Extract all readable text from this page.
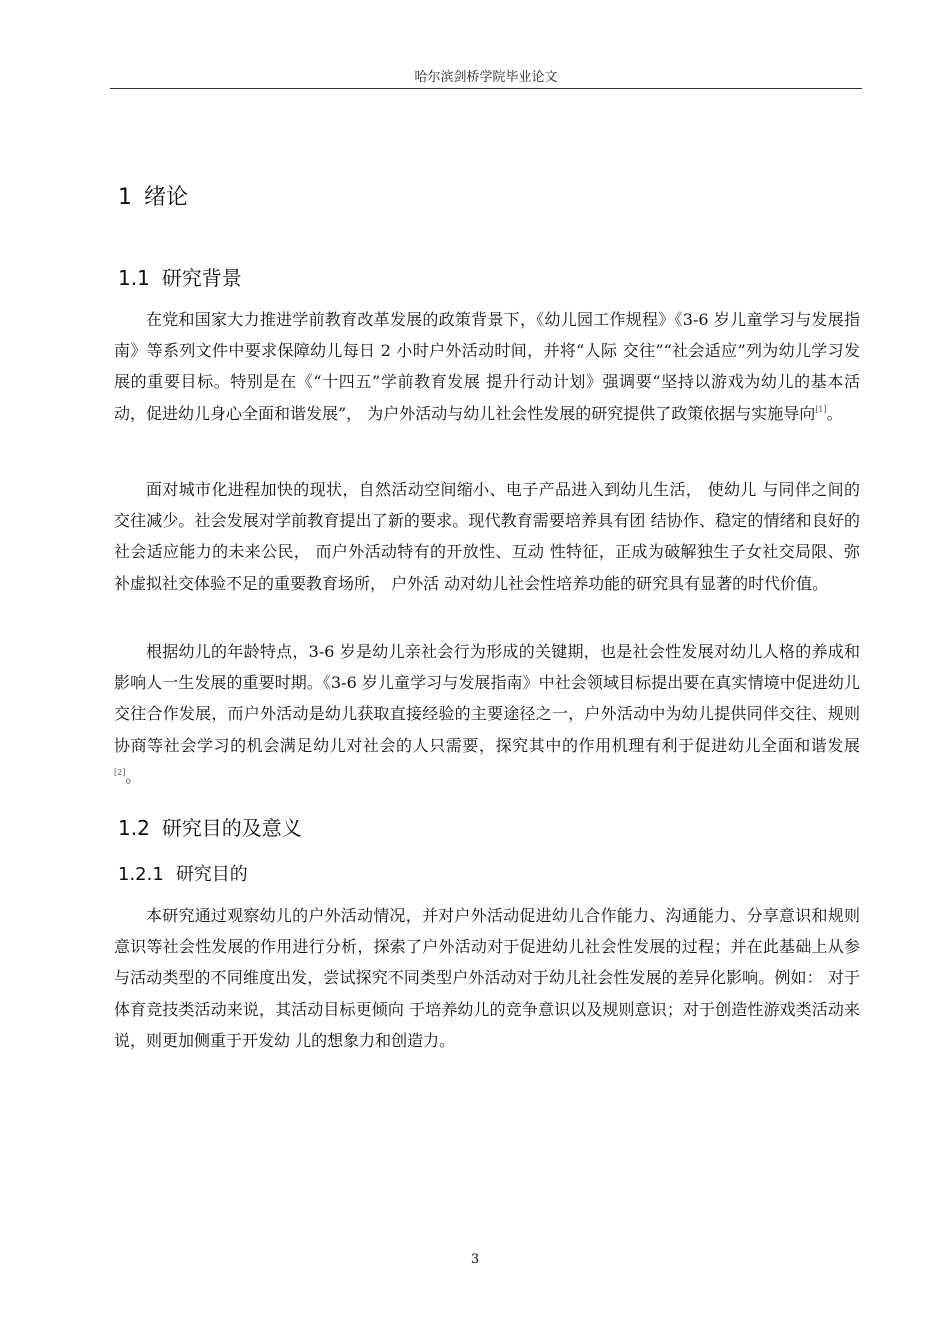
哈尔滨剑桥学院毕业论文
1 绪论
1.1 研究背景
在党和国家大力推进学前教育改革发展的政策背景下，《幼儿园工作规程》《3-6 岁儿童学习与发展指南》等系列文件中要求保障幼儿每日 2 小时户外活动时间，并将“人际 交往”“社会适应”列为幼儿学习发展的重要目标。特别是在《“十四五”学前教育发展 提升行动计划》强调要“坚持以游戏为幼儿的基本活动，促进幼儿身心全面和谐发展”， 为户外活动与幼儿社会性发展的研究提供了政策依据与实施导向[1]。
面对城市化进程加快的现状，自然活动空间缩小、电子产品进入到幼儿生活， 使幼儿 与同伴之间的交往减少。社会发展对学前教育提出了新的要求。现代教育需要培养具有团 结协作、稳定的情绪和良好的社会适应能力的未来公民， 而户外活动特有的开放性、互动 性特征，正成为破解独生子女社交局限、弥补虚拟社交体验不足的重要教育场所， 户外活 动对幼儿社会性培养功能的研究具有显著的时代价值。
根据幼儿的年龄特点，3-6 岁是幼儿亲社会行为形成的关键期，也是社会性发展对幼儿人格的养成和影响人一生发展的重要时期。《3-6 岁儿童学习与发展指南》中社会领域目标提出要在真实情境中促进幼儿交往合作发展，而户外活动是幼儿获取直接经验的主要途径之一，户外活动中为幼儿提供同伴交往、规则协商等社会学习的机会满足幼儿对社会的人只需要，探究其中的作用机理有利于促进幼儿全面和谐发展[2]。
1.2 研究目的及意义
1.2.1 研究目的
本研究通过观察幼儿的户外活动情况，并对户外活动促进幼儿合作能力、沟通能力、分享意识和规则意识等社会性发展的作用进行分析，探索了户外活动对于促进幼儿社会性发展的过程；并在此基础上从参与活动类型的不同维度出发，尝试探究不同类型户外活动对于幼儿社会性发展的差异化影响。例如： 对于体育竞技类活动来说，其活动目标更倾向 于培养幼儿的竞争意识以及规则意识；对于创造性游戏类活动来说，则更加侧重于开发幼 儿的想象力和创造力。
3
